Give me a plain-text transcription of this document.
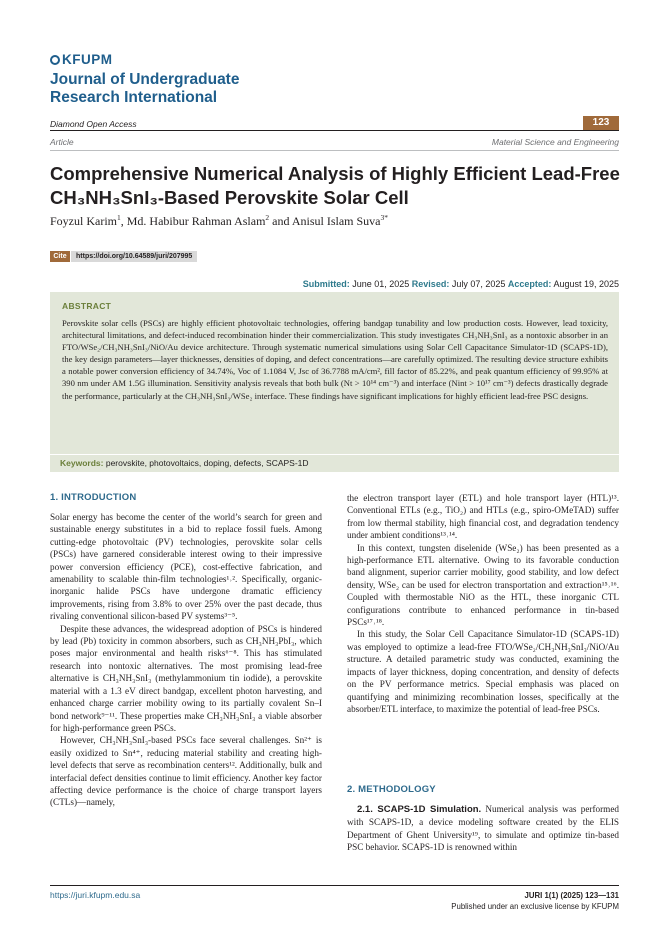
KFUPM
Journal of Undergraduate
Research International
Diamond Open Access	123
Article	Material Science and Engineering
Comprehensive Numerical Analysis of Highly Efficient Lead-Free
CH₃NH₃SnI₃-Based Perovskite Solar Cell
Foyzul Karim$^1$, Md. Habibur Rahman Aslam$^2$ and Anisul Islam Suva$^{3*}$
Cite	https://doi.org/10.64589/juri/207995
Submitted: June 01, 2025 Revised: July 07, 2025 Accepted: August 19, 2025
ABSTRACT
Perovskite solar cells (PSCs) are highly efficient photovoltaic technologies, offering bandgap tunability and low production costs. However, lead toxicity, architectural limitations, and defect-induced recombination hinder their commercialization. This study investigates CH₃NH₃SnI₃ as a nontoxic absorber in an FTO/WSe₂/CH₃NH₃SnI₃/NiO/Au device architecture. Through systematic numerical simulations using Solar Cell Capacitance Simulator-1D (SCAPS-1D), the key design parameters—layer thicknesses, densities of doping, and defect concentrations—are carefully optimized. The resulting device structure exhibits a notable power conversion efficiency of 34.74%, Voc of 1.1084 V, Jsc of 36.7788 mA/cm², fill factor of 85.22%, and peak quantum efficiency of 99.95% at 390 nm under AM 1.5G illumination. Sensitivity analysis reveals that both bulk (Nt > 10¹⁴ cm⁻³) and interface (Nint > 10¹⁷ cm⁻³) defects drastically degrade the performance, particularly at the CH₃NH₃SnI₃/WSe₂ interface. These findings have significant implications for highly efficient lead-free PSC designs.
Keywords: perovskite, photovoltaics, doping, defects, SCAPS-1D
1. INTRODUCTION

Solar energy has become the center of the world’s search for green and sustainable energy substitutes in a bid to replace fossil fuels. Among cutting-edge photovoltaic (PV) technologies, perovskite solar cells (PSCs) have garnered considerable interest owing to their impressive power conversion efficiency (PCE), cost-effective fabrication, and amenability to scalable thin-film technologies¹˒². Specifically, organic-inorganic halide PSCs have undergone dramatic efficiency improvements, rising from 3.8% to over 25% over the past decade, thus rivaling conventional silicon-based PV systems³⁻⁵.

Despite these advances, the widespread adoption of PSCs is hindered by lead (Pb) toxicity in common absorbers, such as CH₃NH₃PbI₃, which poses major environmental and health risks⁶⁻⁸. This has stimulated research into nontoxic alternatives. The most promising lead-free alternative is CH₃NH₃SnI₃ (methylammonium tin iodide), a perovskite material with a 1.3 eV direct bandgap, excellent photon harvesting, and enhanced charge carrier mobility owing to its partially covalent Sn–I bond network⁹⁻¹¹. These properties make CH₃NH₃SnI₃ a viable absorber for high-performance green PSCs.

However, CH₃NH₃SnI₃-based PSCs face several challenges. Sn²⁺ is easily oxidized to Sn⁴⁺, reducing material stability and creating high-level defects that serve as recombination centers¹². Additionally, bulk and interfacial defect densities continue to limit efficiency. Another key factor affecting device performance is the choice of charge transport layers (CTLs)—namely,

the electron transport layer (ETL) and hole transport layer (HTL)¹³. Conventional ETLs (e.g., TiO₂) and HTLs (e.g., spiro-OMeTAD) suffer from low thermal stability, high financial cost, and degradation tendency under ambient conditions¹³˒¹⁴.

In this context, tungsten diselenide (WSe₂) has been presented as a high-performance ETL alternative. Owing to its favorable conduction band alignment, superior carrier mobility, good stability, and low defect density, WSe₂ can be used for electron transportation and extraction¹⁵˒¹⁶. Coupled with thermostable NiO as the HTL, these inorganic CTL configurations contribute to enhanced performance in tin-based PSCs¹⁷˒¹⁸.

In this study, the Solar Cell Capacitance Simulator-1D (SCAPS-1D) was employed to optimize a lead-free FTO/WSe₂/CH₃NH₃SnI₃/NiO/Au structure. A detailed parametric study was conducted, examining the impacts of layer thickness, doping concentration, and density of defects on the PV performance metrics. Special emphasis was placed on quantifying and minimizing recombination losses, specifically at the absorber/ETL interface, to maximize the potential of lead-free PSCs.

2. METHODOLOGY

2.1. SCAPS-1D Simulation. Numerical analysis was performed with SCAPS-1D, a device modeling software created by the ELIS Department of Ghent University¹⁹, to simulate and optimize tin-based PSC behavior. SCAPS-1D is renowned within

https://juri.kfupm.edu.sa	JURI 1(1) (2025) 123—131
Published under an exclusive license by KFUPM
